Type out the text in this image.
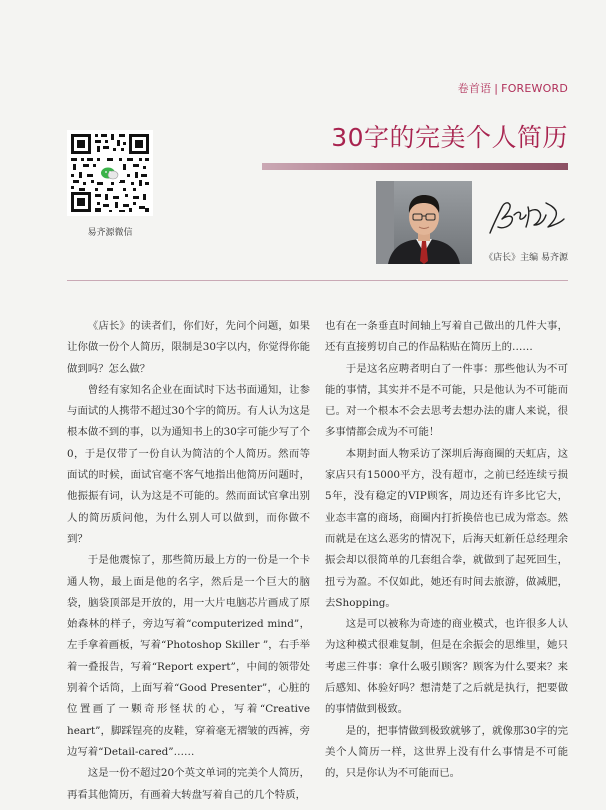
卷首语 | FOREWORD
30字的完美个人简历
易齐源微信
《店长》主编 易齐源

《店长》的读者们，你们好，先问个问题，如果让你做一份个人简历，限制是30字以内，你觉得你能做到吗？怎么做？

曾经有家知名企业在面试时下达书面通知，让参与面试的人携带不超过30个字的简历。有人认为这是根本做不到的事，以为通知书上的30字可能少写了个0，于是仅带了一份自认为简洁的个人简历。然而等面试的时候，面试官毫不客气地指出他简历问题时，他振振有词，认为这是不可能的。然而面试官拿出别人的简历质问他，为什么别人可以做到，而你做不到？

于是他震惊了，那些简历最上方的一份是一个卡通人物，最上面是他的名字，然后是一个巨大的脑袋，脑袋顶部是开放的，用一大片电脑芯片画成了原始森林的样子，旁边写着“computerized mind”，左手拿着画板，写着“Photoshop Skiller ”，右手举着一叠报告，写着“Report expert”，中间的领带处别着个话筒，上面写着“Good Presenter”，心脏的位置画了一颗奇形怪状的心，写着“Creative heart”，脚踩锃亮的皮鞋，穿着毫无褶皱的西裤，旁边写着“Detail-cared”……

这是一份不超过20个英文单词的完美个人简历，再看其他简历，有画着大转盘写着自己的几个特质，

也有在一条垂直时间轴上写着自己做出的几件大事，还有直接剪切自己的作品粘贴在简历上的……

于是这名应聘者明白了一件事：那些他认为不可能的事情，其实并不是不可能，只是他认为不可能而已。对一个根本不会去思考去想办法的庸人来说，很多事情都会成为不可能！

本期封面人物采访了深圳后海商圈的天虹店，这家店只有15000平方，没有超市，之前已经连续亏损5年，没有稳定的VIP顾客，周边还有许多比它大，业态丰富的商场，商圈内打折换倍也已成为常态。然而就是在这么恶劣的情况下，后海天虹新任总经理余振会却以很简单的几套组合拳，就做到了起死回生，扭亏为盈。不仅如此，她还有时间去旅游，做减肥，去Shopping。

这是可以被称为奇迹的商业模式，也许很多人认为这种模式很难复制，但是在余振会的思维里，她只考虑三件事：拿什么吸引顾客？顾客为什么要来？来后感知、体验好吗？想清楚了之后就是执行，把要做的事情做到极致。

是的，把事情做到极致就够了，就像那30字的完美个人简历一样，这世界上没有什么事情是不可能的，只是你认为不可能而已。
